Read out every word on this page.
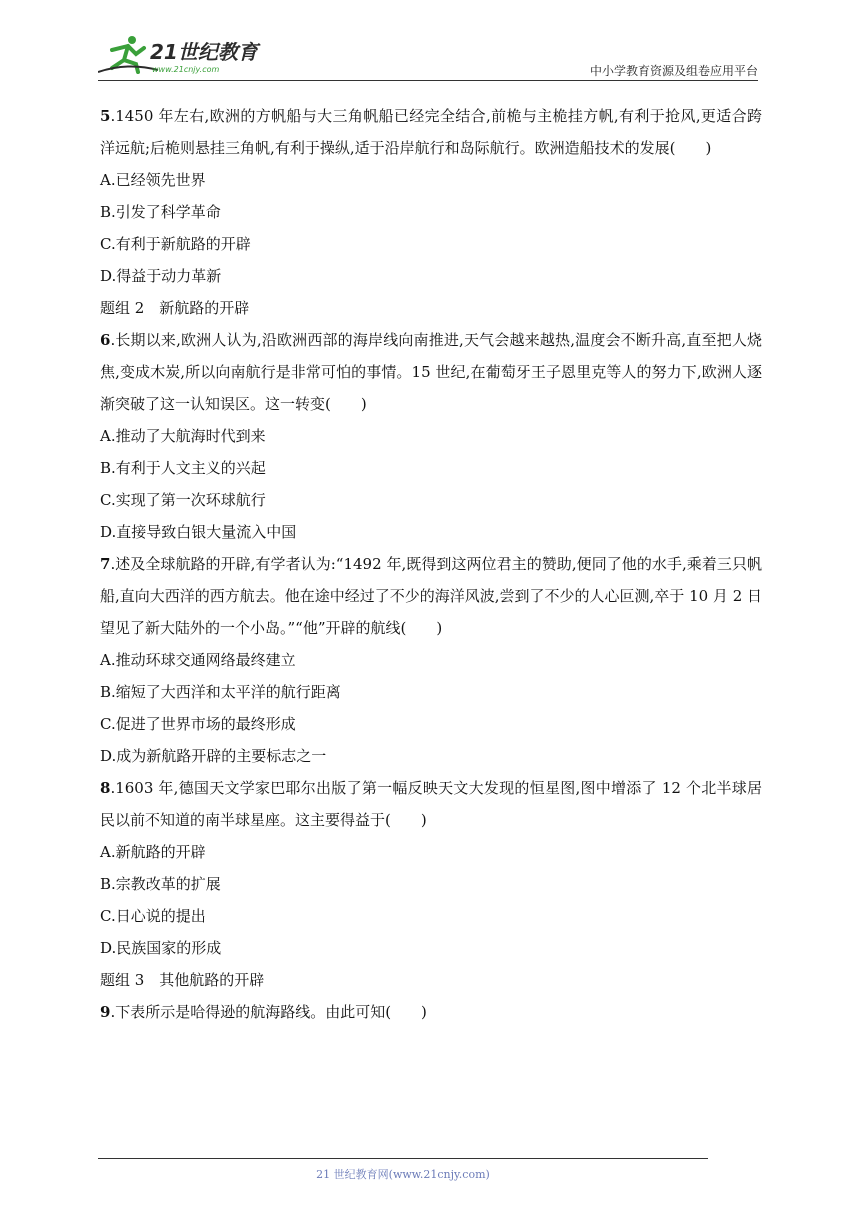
21世纪教育
www.21cnjy.com	中小学教育资源及组卷应用平台

5.1450 年左右,欧洲的方帆船与大三角帆船已经完全结合,前桅与主桅挂方帆,有利于抢风,更适合跨洋远航;后桅则悬挂三角帆,有利于操纵,适于沿岸航行和岛际航行。欧洲造船技术的发展(　　)

A.已经领先世界

B.引发了科学革命

C.有利于新航路的开辟

D.得益于动力革新

题组 2　新航路的开辟

6.长期以来,欧洲人认为,沿欧洲西部的海岸线向南推进,天气会越来越热,温度会不断升高,直至把人烧焦,变成木炭,所以向南航行是非常可怕的事情。15 世纪,在葡萄牙王子恩里克等人的努力下,欧洲人逐渐突破了这一认知误区。这一转变(　　)

A.推动了大航海时代到来

B.有利于人文主义的兴起

C.实现了第一次环球航行

D.直接导致白银大量流入中国

7.述及全球航路的开辟,有学者认为:“1492 年,既得到这两位君主的赞助,便同了他的水手,乘着三只帆船,直向大西洋的西方航去。他在途中经过了不少的海洋风波,尝到了不少的人心叵测,卒于 10 月 2 日望见了新大陆外的一个小岛。”“他”开辟的航线(　　)

A.推动环球交通网络最终建立

B.缩短了大西洋和太平洋的航行距离

C.促进了世界市场的最终形成

D.成为新航路开辟的主要标志之一

8.1603 年,德国天文学家巴耶尔出版了第一幅反映天文大发现的恒星图,图中增添了 12 个北半球居民以前不知道的南半球星座。这主要得益于(　　)

A.新航路的开辟

B.宗教改革的扩展

C.日心说的提出

D.民族国家的形成

题组 3　其他航路的开辟

9.下表所示是哈得逊的航海路线。由此可知(　　)

21 世纪教育网(www.21cnjy.com)
